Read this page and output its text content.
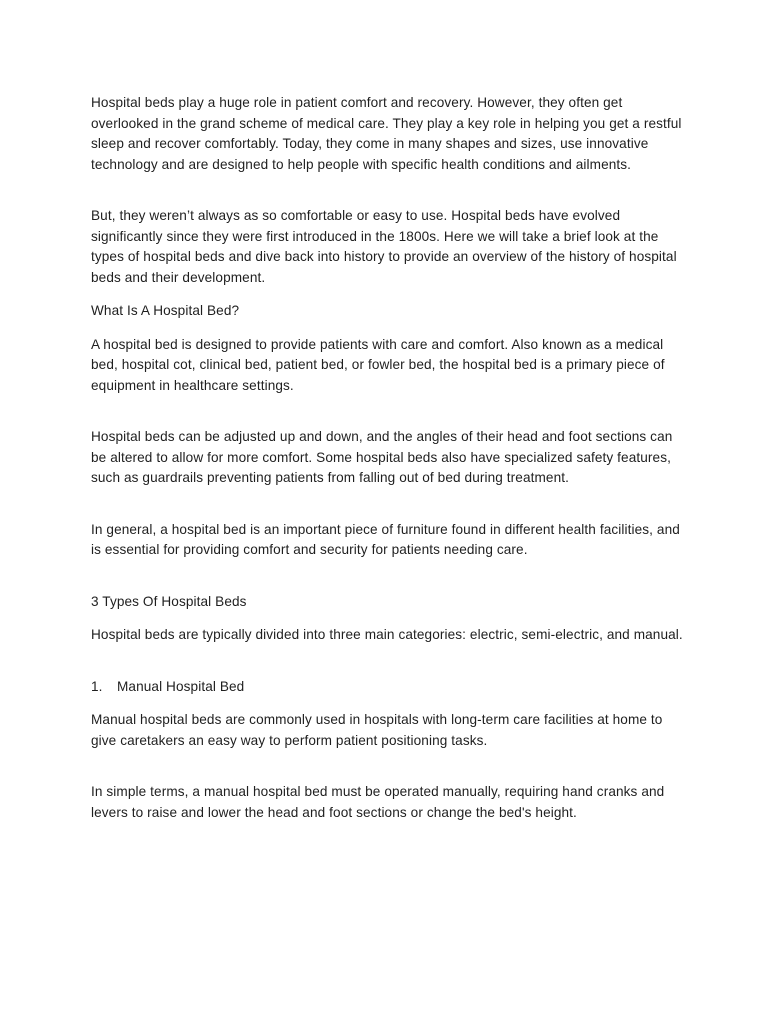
Hospital beds play a huge role in patient comfort and recovery. However, they often get overlooked in the grand scheme of medical care. They play a key role in helping you get a restful sleep and recover comfortably. Today, they come in many shapes and sizes, use innovative technology and are designed to help people with specific health conditions and ailments.

But, they weren’t always as so comfortable or easy to use. Hospital beds have evolved significantly since they were first introduced in the 1800s. Here we will take a brief look at the types of hospital beds and dive back into history to provide an overview of the history of hospital beds and their development.

What Is A Hospital Bed?

A hospital bed is designed to provide patients with care and comfort. Also known as a medical bed, hospital cot, clinical bed, patient bed, or fowler bed, the hospital bed is a primary piece of equipment in healthcare settings.

Hospital beds can be adjusted up and down, and the angles of their head and foot sections can be altered to allow for more comfort. Some hospital beds also have specialized safety features, such as guardrails preventing patients from falling out of bed during treatment.

In general, a hospital bed is an important piece of furniture found in different health facilities, and is essential for providing comfort and security for patients needing care.

3 Types Of Hospital Beds

Hospital beds are typically divided into three main categories: electric, semi-electric, and manual.

1. Manual Hospital Bed

Manual hospital beds are commonly used in hospitals with long-term care facilities at home to give caretakers an easy way to perform patient positioning tasks.

In simple terms, a manual hospital bed must be operated manually, requiring hand cranks and levers to raise and lower the head and foot sections or change the bed's height.
